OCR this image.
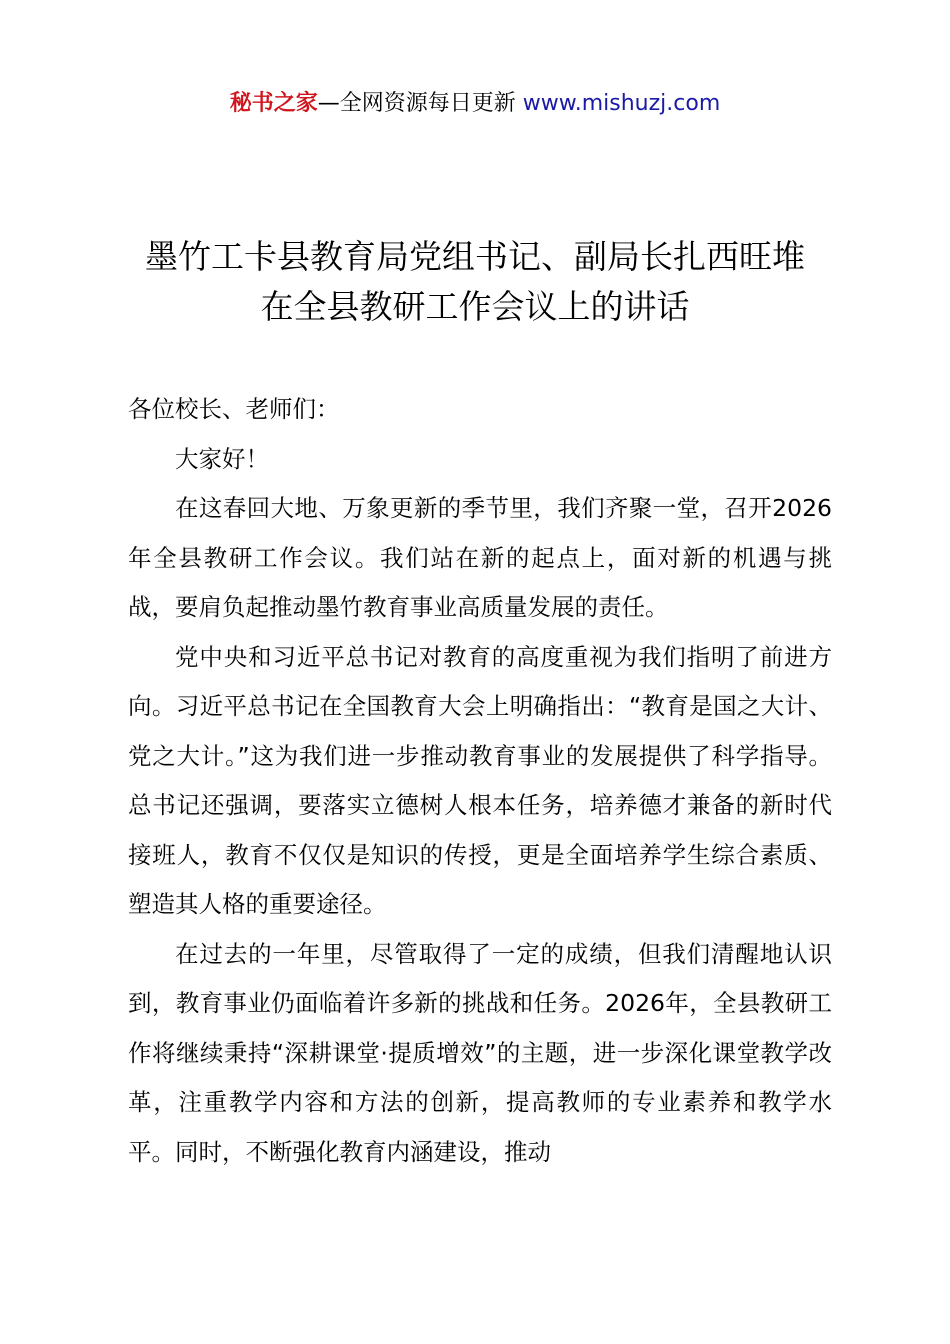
秘书之家—全网资源每日更新 www.mishuzj.com
墨竹工卡县教育局党组书记、副局长扎西旺堆
在全县教研工作会议上的讲话

各位校长、老师们：

大家好！

在这春回大地、万象更新的季节里，我们齐聚一堂，召开2026年全县教研工作会议。我们站在新的起点上，面对新的机遇与挑战，要肩负起推动墨竹教育事业高质量发展的责任。

党中央和习近平总书记对教育的高度重视为我们指明了前进方向。习近平总书记在全国教育大会上明确指出：“教育是国之大计、党之大计。”这为我们进一步推动教育事业的发展提供了科学指导。总书记还强调，要落实立德树人根本任务，培养德才兼备的新时代接班人，教育不仅仅是知识的传授，更是全面培养学生综合素质、塑造其人格的重要途径。

在过去的一年里，尽管取得了一定的成绩，但我们清醒地认识到，教育事业仍面临着许多新的挑战和任务。2026年，全县教研工作将继续秉持“深耕课堂·提质增效”的主题，进一步深化课堂教学改革，注重教学内容和方法的创新，提高教师的专业素养和教学水平。同时，不断强化教育内涵建设，推动
